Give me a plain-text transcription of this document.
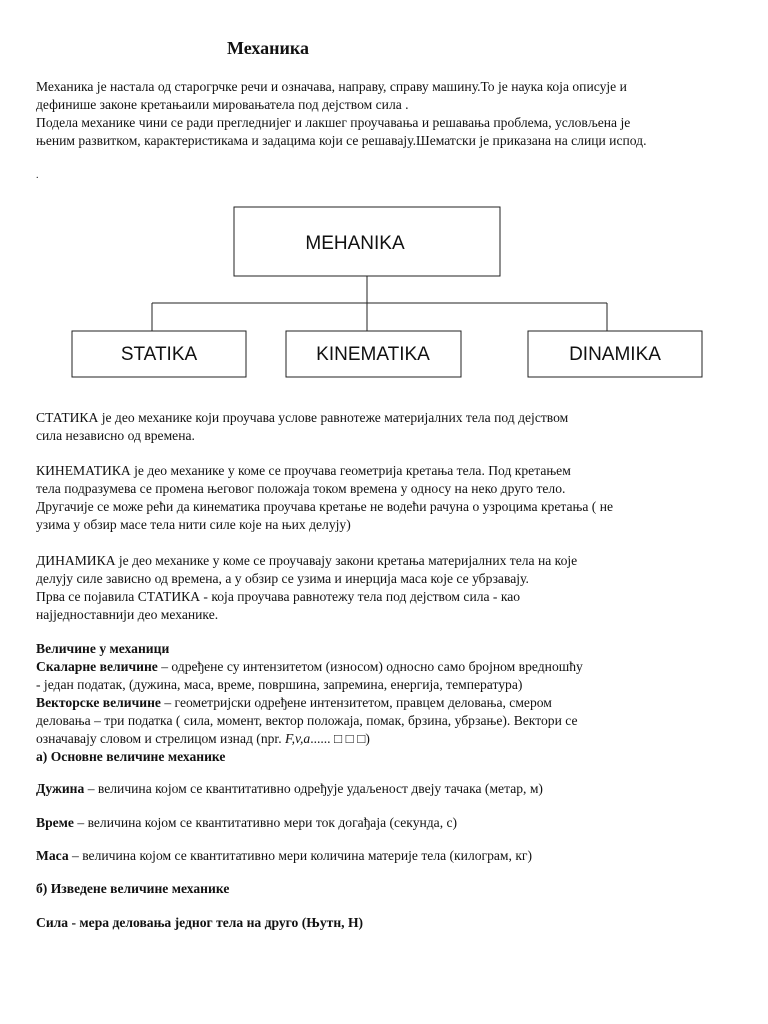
Механика
Механика је настала од старогрчке речи и означава, направу, справу машину.То је наука која описује и
дефинише законе кретањаили мировањатела под дејством сила .
Подела механике чини се ради прегледнијег и лакшег проучавања и решавања проблема, условљена је
њеним развитком, карактеристикама и задацима који се решавају.Шематски је приказана на слици испод.
.
MEHANIKA
STATIKA	KINEMATIKA	DINAMIKA
СТАТИКА је део механике који проучава услове равнотеже материјалних тела под дејством
сила независно од времена.
КИНЕМАТИКА је део механике у коме се проучава геометрија кретања тела. Под кретањем
тела подразумева се промена његовог положаја током времена у односу на неко друго тело.
Другачије се може рећи да кинематика проучава кретање не водећи рачуна о узроцима кретања ( не
узима у обзир масе тела нити силе које на њих делују)
ДИНАМИКА је део механике у коме се проучавају закони кретања материјалних тела на које
делују силе зависно од времена, а у обзир се узима и инерција маса које се убрзавају.
Прва се појавила СТАТИКА - која проучава равнотежу тела под дејством сила - као
најједноставнији део механике.
Величине у механици
Скаларне величине – одређене су интензитетом (износом) односно само бројном вредношћу
- један податак, (дужина, маса, време, површина, запремина, енергија, температура)
Векторске величине – геометријски одређене интензитетом, правцем деловања, смером
деловања – три податка ( сила, момент, вектор положаја, помак, брзина, убрзање). Вектори се
означавају словом и стрелицом изнад (npr. F,v,a...... □ □ □)
а) Основне величине механике
Дужина – величина којом се квантитативно одређује удаљеност двеју тачака (метар, м)
Време – величина којом се квантитативно мери ток догађаја (секунда, с)
Маса – величина којом се квантитативно мери количина материје тела (килограм, кг)
б) Изведене величине механике
Сила - мера деловања једног тела на друго (Њутн, Н)
